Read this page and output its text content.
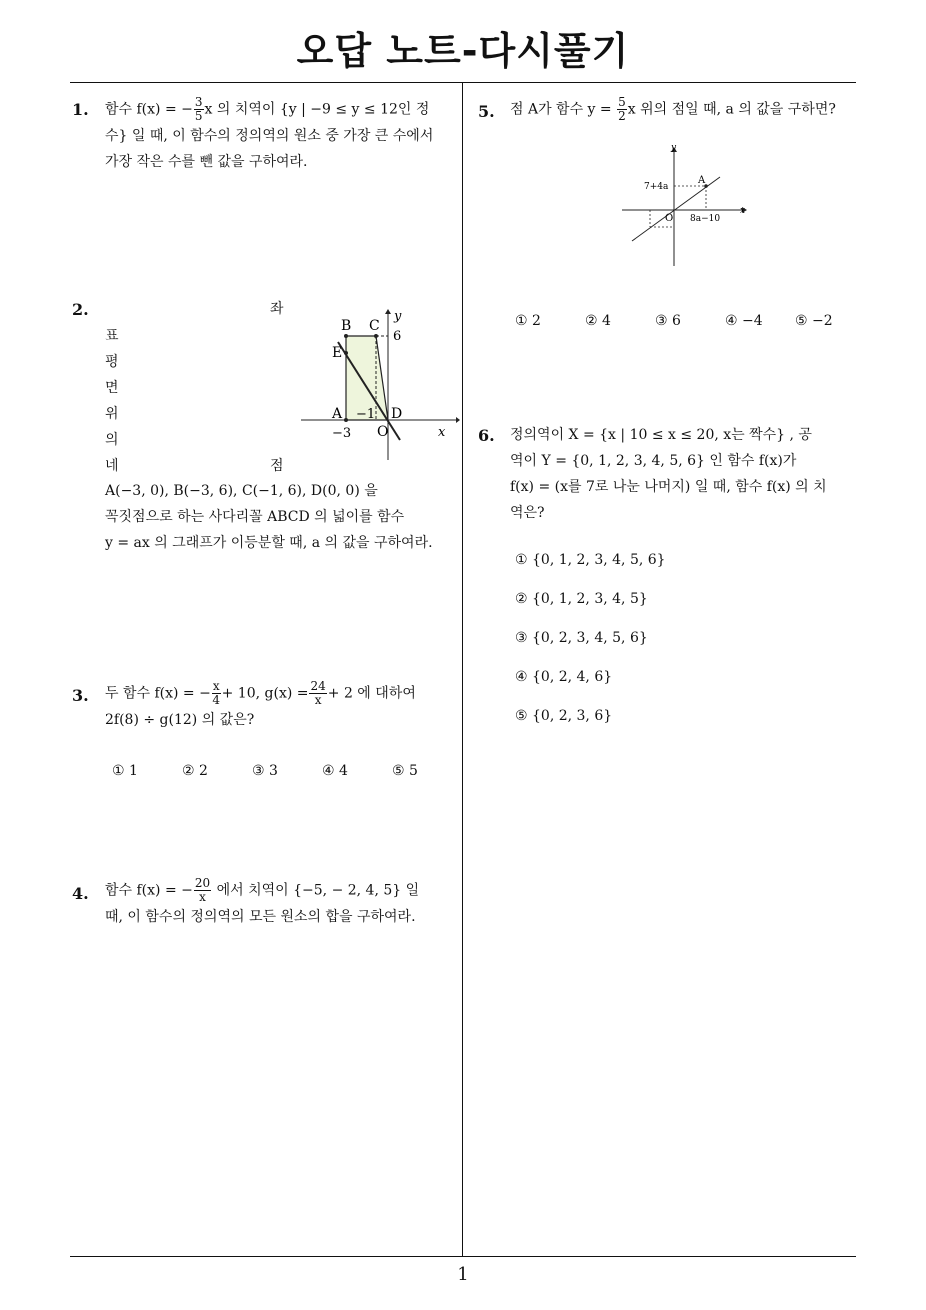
오답 노트-다시풀기
1
1. 함수 f(x) = − $\frac{3}{5}$ x 의 치역이 {y | −9 ≤ y ≤ 12인 정
수} 일 때, 이 함수의 정의역의 원소 중 가장 큰 수에서
가장 작은 수를 뺀 값을 구하여라.
2.	좌
표
평
면
위
의
네	점
B C
E
A	D
O
y
x
6
−3
−1
A(−3, 0), B(−3, 6), C(−1, 6), D(0, 0) 을
꼭짓점으로 하는 사다리꼴 ABCD 의 넓이를 함수
y = ax 의 그래프가 이등분할 때, a 의 값을 구하여라.
3. 두 함수 f(x) = − $\frac{x}{4} + 10$, $g(x) = \frac{24}{x} + 2$ 에 대하여
2f(8) ÷ g(12) 의 값은?
① 1	② 2	③ 3	④ 4	⑤ 5
4. 함수 f(x) = − $\frac{20}{x}$ 에서 치역이 {−5, − 2, 4, 5} 일
때, 이 함수의 정의역의 모든 원소의 합을 구하여라.
5. 점 A가 함수 $y = \frac{5}{2}$ x 위의 점일 때, a 의 값을 구하면?
y
x
A
O
7+4a
8a−10
① 2	② 4	③ 6	④ −4	⑤ −2
6. 정의역이 X = {x | 10 ≤ x ≤ 20, x는 짝수} , 공
역이 Y = {0, 1, 2, 3, 4, 5, 6} 인 함수 f(x)가
f(x) = (x를 7로 나눈 나머지) 일 때, 함수 f(x) 의 치
역은?
① {0, 1, 2, 3, 4, 5, 6}
② {0, 1, 2, 3, 4, 5}
③ {0, 2, 3, 4, 5, 6}
④ {0, 2, 4, 6}
⑤ {0, 2, 3, 6}
